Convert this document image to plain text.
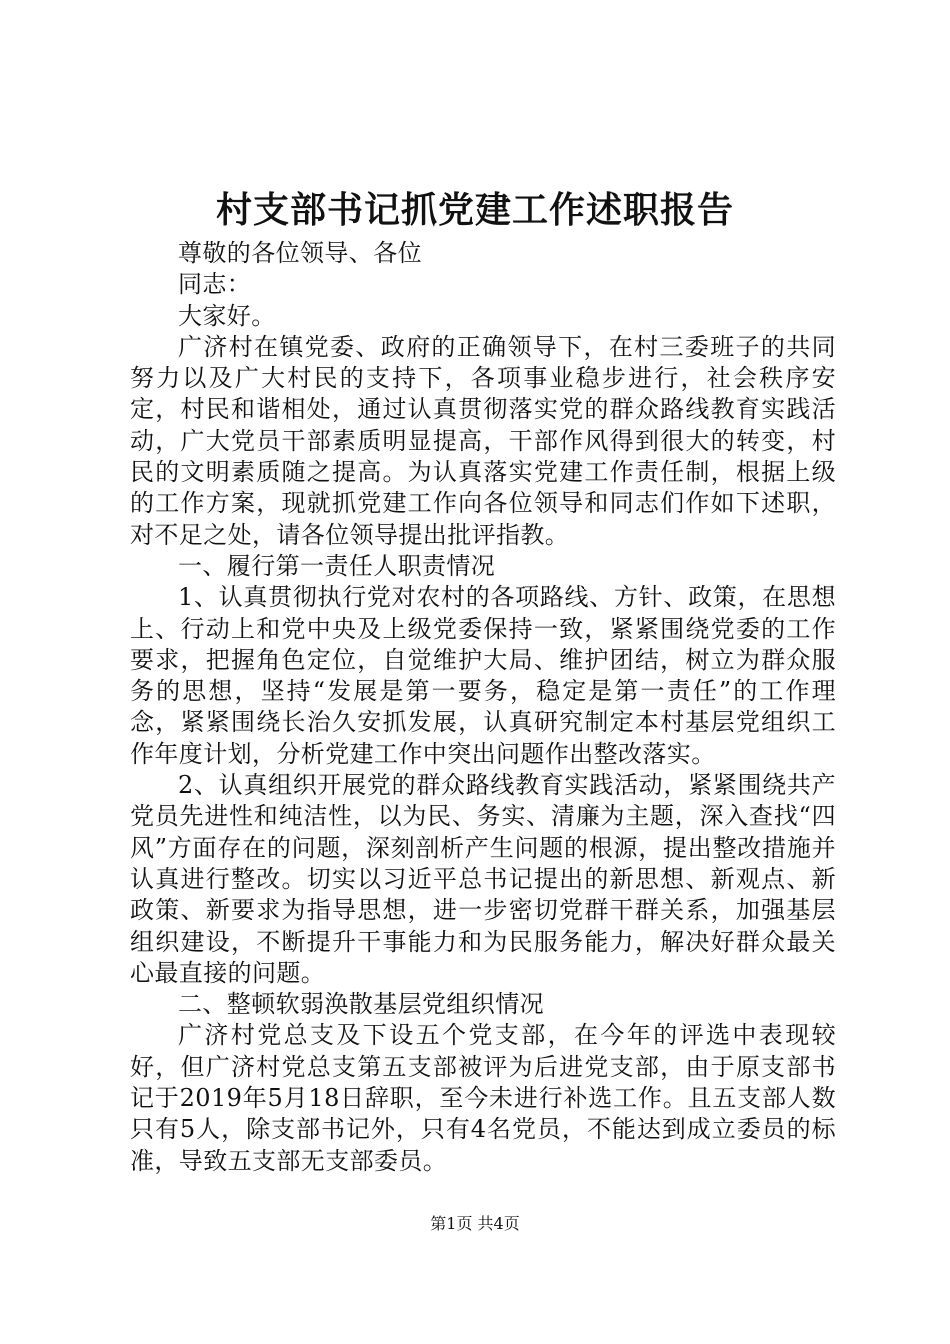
村支部书记抓党建工作述职报告

尊敬的各位领导、各位

同志：

大家好。

广济村在镇党委、政府的正确领导下，在村三委班子的共同努力以及广大村民的支持下，各项事业稳步进行，社会秩序安定，村民和谐相处，通过认真贯彻落实党的群众路线教育实践活动，广大党员干部素质明显提高，干部作风得到很大的转变，村民的文明素质随之提高。为认真落实党建工作责任制，根据上级的工作方案，现就抓党建工作向各位领导和同志们作如下述职，对不足之处，请各位领导提出批评指教。

一、履行第一责任人职责情况

1、认真贯彻执行党对农村的各项路线、方针、政策，在思想上、行动上和党中央及上级党委保持一致，紧紧围绕党委的工作要求，把握角色定位，自觉维护大局、维护团结，树立为群众服务的思想，坚持“发展是第一要务，稳定是第一责任”的工作理念，紧紧围绕长治久安抓发展，认真研究制定本村基层党组织工作年度计划，分析党建工作中突出问题作出整改落实。

2、认真组织开展党的群众路线教育实践活动，紧紧围绕共产党员先进性和纯洁性，以为民、务实、清廉为主题，深入查找“四风”方面存在的问题，深刻剖析产生问题的根源，提出整改措施并认真进行整改。切实以习近平总书记提出的新思想、新观点、新政策、新要求为指导思想，进一步密切党群干群关系，加强基层组织建设，不断提升干事能力和为民服务能力，解决好群众最关心最直接的问题。

二、整顿软弱涣散基层党组织情况

广济村党总支及下设五个党支部，在今年的评选中表现较好，但广济村党总支第五支部被评为后进党支部，由于原支部书记于2019年5月18日辞职，至今未进行补选工作。且五支部人数只有5人，除支部书记外，只有4名党员，不能达到成立委员的标准，导致五支部无支部委员。

第1页 共4页
